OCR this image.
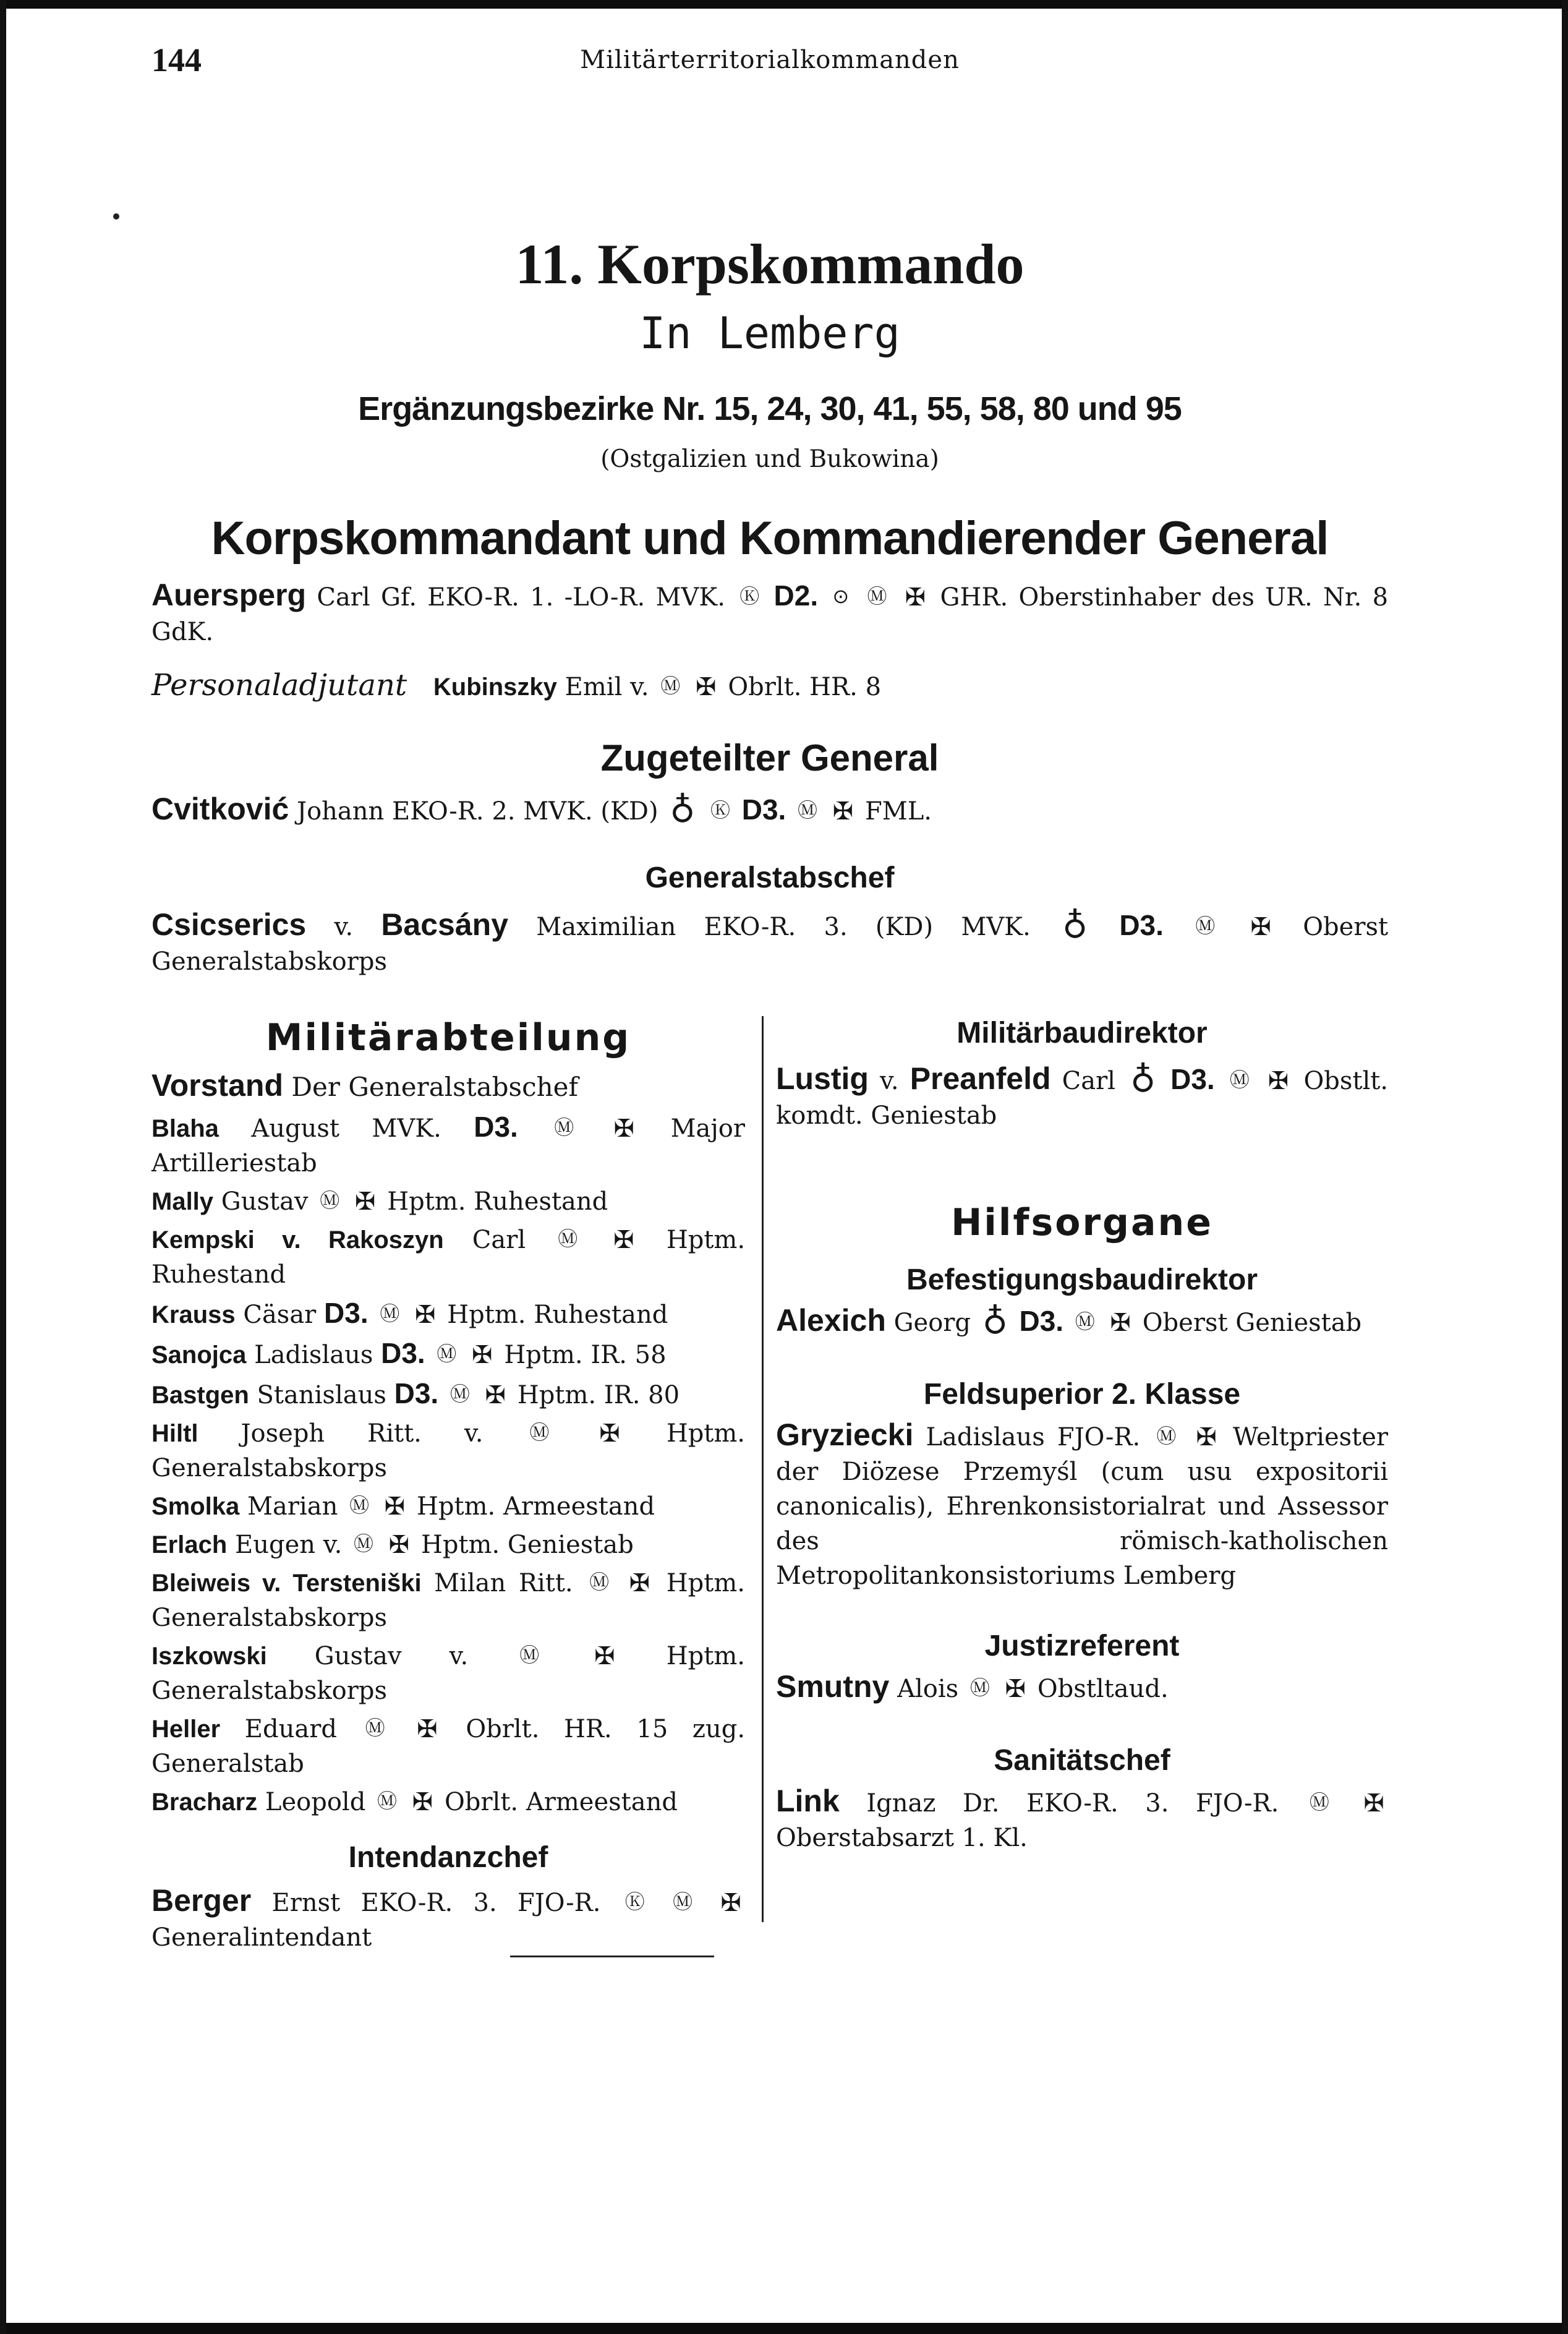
144	Militärterritorialkommanden
11. Korpskommando
In Lemberg
Ergänzungsbezirke Nr. 15, 24, 30, 41, 55, 58, 80 und 95
(Ostgalizien und Bukowina)
Korpskommandant und Kommandierender General
Auersperg Carl Gf. EKO-R. 1. -LO-R. MVK. Ⓚ D2. ⊙ Ⓜ ✠ GHR. Oberstinhaber des UR. Nr. 8 GdK.
Personaladjutant Kubinszky Emil v. Ⓜ ✠ Obrlt. HR. 8
Zugeteilter General
Cvitković Johann EKO-R. 2. MVK. (KD) ♁ Ⓚ D3. Ⓜ ✠ FML.
Generalstabschef
Csicserics v. Bacsány Maximilian EKO-R. 3. (KD) MVK. ♁ D3. Ⓜ ✠ Oberst Generalstabskorps
Militärabteilung
Vorstand Der Generalstabschef
Blaha August MVK. D3. Ⓜ ✠ Major Artilleriestab
Mally Gustav Ⓜ ✠ Hptm. Ruhestand
Kempski v. Rakoszyn Carl Ⓜ ✠ Hptm. Ruhestand
Krauss Cäsar D3. Ⓜ ✠ Hptm. Ruhestand
Sanojca Ladislaus D3. Ⓜ ✠ Hptm. IR. 58
Bastgen Stanislaus D3. Ⓜ ✠ Hptm. IR. 80
Hiltl Joseph Ritt. v. Ⓜ ✠ Hptm. Generalstabskorps
Smolka Marian Ⓜ ✠ Hptm. Armeestand
Erlach Eugen v. Ⓜ ✠ Hptm. Geniestab
Bleiweis v. Tersteniški Milan Ritt. Ⓜ ✠ Hptm. Generalstabskorps
Iszkowski Gustav v.	Ⓜ ✠ Hptm. Generalstabskorps
Heller Eduard Ⓜ ✠ Obrlt. HR. 15 zug. Generalstab
Bracharz Leopold Ⓜ ✠ Obrlt. Armeestand
Intendanzchef
Berger Ernst EKO-R. 3. FJO-R. Ⓚ Ⓜ ✠ Generalintendant
Militärbaudirektor
Lustig v. Preanfeld Carl ♁ D3. Ⓜ ✠ Obstlt. komdt. Geniestab
Hilfsorgane
Befestigungsbaudirektor
Alexich Georg ♁ D3. Ⓜ ✠ Oberst Geniestab
Feldsuperior 2. Klasse
Gryziecki Ladislaus FJO-R. Ⓜ ✠ Weltpriester der Diözese Przemyśl (cum usu expositorii canonicalis), Ehrenkonsistorialrat und Assessor des römisch-katholischen Metropolitankonsistoriums Lemberg
Justizreferent
Smutny Alois Ⓜ ✠ Obstltaud.
Sanitätschef
Link Ignaz Dr. EKO-R. 3. FJO-R. Ⓜ ✠ Oberstabsarzt 1. Kl.
